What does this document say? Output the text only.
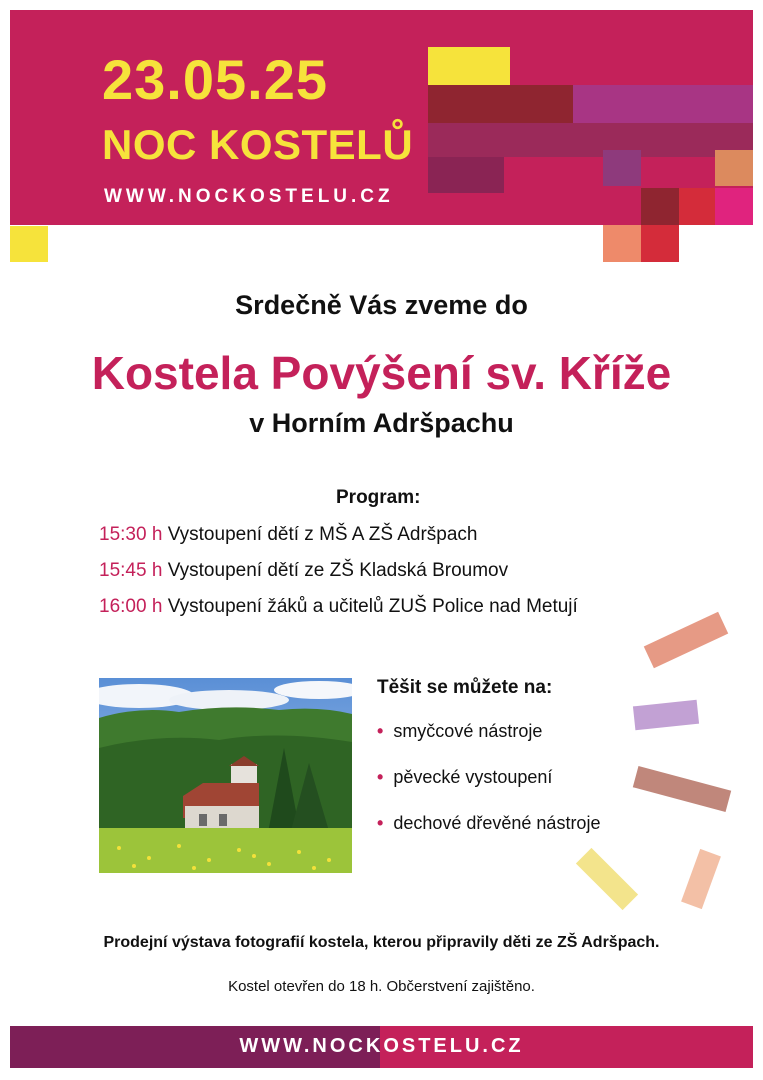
23.05.25
NOC KOSTELŮ
WWW.NOCKOSTELU.CZ
Srdečně Vás zveme do
Kostela Povýšení sv. Kříže
v Horním Adršpachu
Program:
15:30 h Vystoupení dětí z MŠ A ZŠ Adršpach
15:45 h Vystoupení dětí ze ZŠ Kladská Broumov
16:00 h Vystoupení žáků a učitelů ZUŠ Police nad Metují
Těšit se můžete na:
• smyčcové nástroje
• pěvecké vystoupení
• dechové dřevěné nástroje
Prodejní výstava fotografií kostela, kterou připravily děti ze ZŠ Adršpach.
Kostel otevřen do 18 h. Občerstvení zajištěno.
WWW.NOCKOSTELU.CZ
